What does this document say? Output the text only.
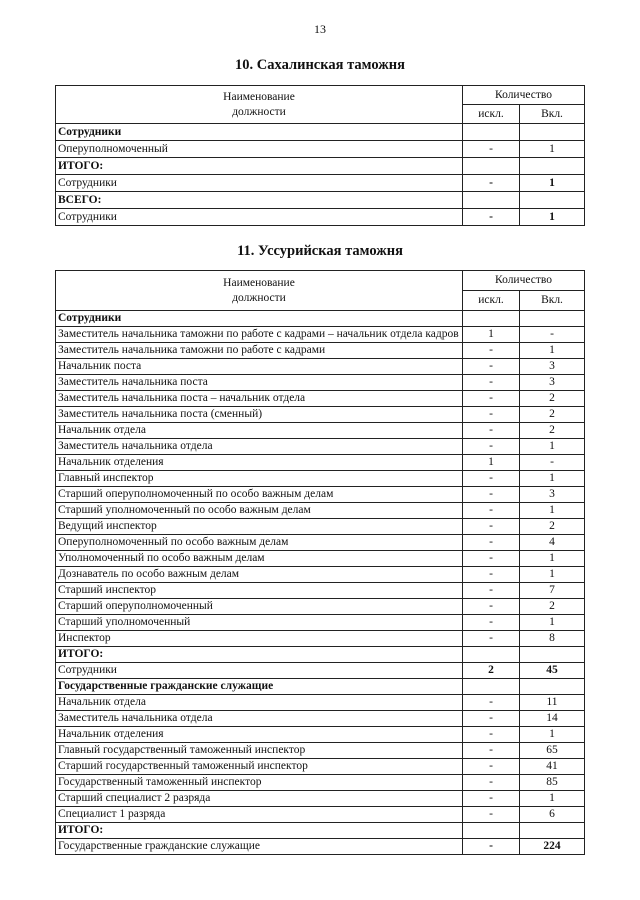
13
10. Сахалинская таможня
Наименование
должности	Количество	
	искл.	Вкл.
Сотрудники		
Оперуполномоченный	-	1
ИТОГО:		
Сотрудники	-	1
ВСЕГО:		
Сотрудники	-	1
11. Уссурийская таможня
Наименование
должности	Количество	
	искл.	Вкл.
Сотрудники		
Заместитель начальника таможни по работе с кадрами – начальник отдела кадров	1	-
Заместитель начальника таможни по работе с кадрами	-	1
Начальник поста	-	3
Заместитель начальника поста	-	3
Заместитель начальника поста – начальник отдела	-	2
Заместитель начальника поста (сменный)	-	2
Начальник отдела	-	2
Заместитель начальника отдела	-	1
Начальник отделения	1	-
Главный инспектор	-	1
Старший оперуполномоченный по особо важным делам	-	3
Старший уполномоченный по особо важным делам	-	1
Ведущий инспектор	-	2
Оперуполномоченный по особо важным делам	-	4
Уполномоченный по особо важным делам	-	1
Дознаватель по особо важным делам	-	1
Старший инспектор	-	7
Старший оперуполномоченный	-	2
Старший уполномоченный	-	1
Инспектор	-	8
ИТОГО:		
Сотрудники	2	45
Государственные гражданские служащие		
Начальник отдела	-	11
Заместитель начальника отдела	-	14
Начальник отделения	-	1
Главный государственный таможенный инспектор	-	65
Старший государственный таможенный инспектор	-	41
Государственный таможенный инспектор	-	85
Старший специалист 2 разряда	-	1
Специалист 1 разряда	-	6
ИТОГО:		
Государственные гражданские служащие	-	224
